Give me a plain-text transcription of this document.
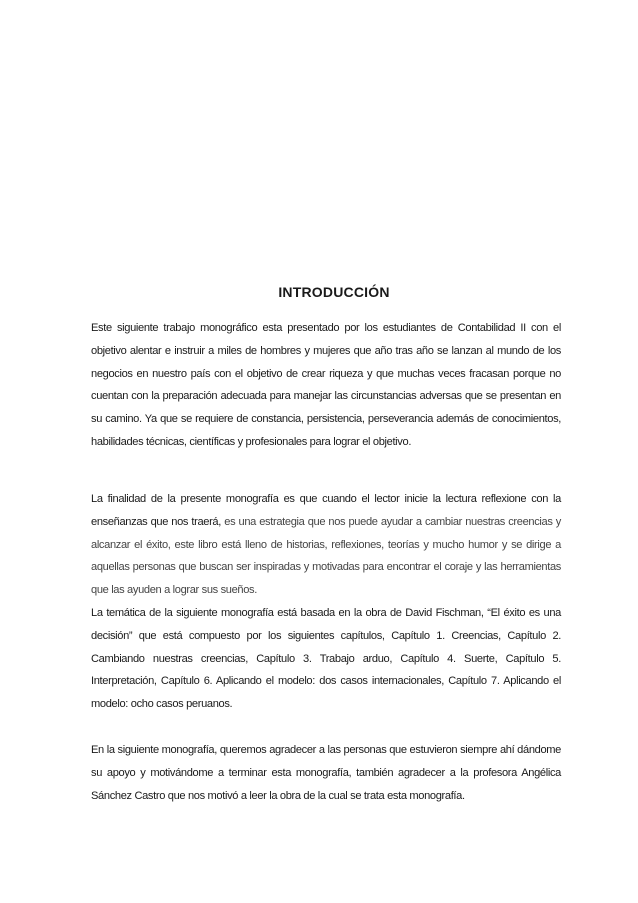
INTRODUCCIÓN

Este siguiente trabajo monográfico esta presentado por los estudiantes de Contabilidad II con el objetivo alentar e instruir a miles de hombres y mujeres que año tras año se lanzan al mundo de los negocios en nuestro país con el objetivo de crear riqueza y que muchas veces fracasan porque no cuentan con la preparación adecuada para manejar las circunstancias adversas que se presentan en su camino. Ya que se requiere de constancia, persistencia, perseverancia además de conocimientos, habilidades técnicas, científicas y profesionales para lograr el objetivo.

La finalidad de la presente monografía es que cuando el lector inicie la lectura reflexione con la enseñanzas que nos traerá, es una estrategia que nos puede ayudar a cambiar nuestras creencias y alcanzar el éxito, este libro está lleno de historias, reflexiones, teorías y mucho humor y se dirige a aquellas personas que buscan ser inspiradas y motivadas para encontrar el coraje y las herramientas que las ayuden a lograr sus sueños.

La temática de la siguiente monografía está basada en la obra de David Fischman, “El éxito es una decisión” que está compuesto por los siguientes capítulos, Capítulo 1. Creencias, Capítulo 2. Cambiando nuestras creencias, Capítulo 3. Trabajo arduo, Capítulo 4. Suerte, Capítulo 5. Interpretación, Capítulo 6. Aplicando el modelo: dos casos internacionales, Capítulo 7. Aplicando el modelo: ocho casos peruanos.

En la siguiente monografía, queremos agradecer a las personas que estuvieron siempre ahí dándome su apoyo y motivándome a terminar esta monografía, también agradecer a la profesora Angélica Sánchez Castro que nos motivó a leer la obra de la cual se trata esta monografía.
